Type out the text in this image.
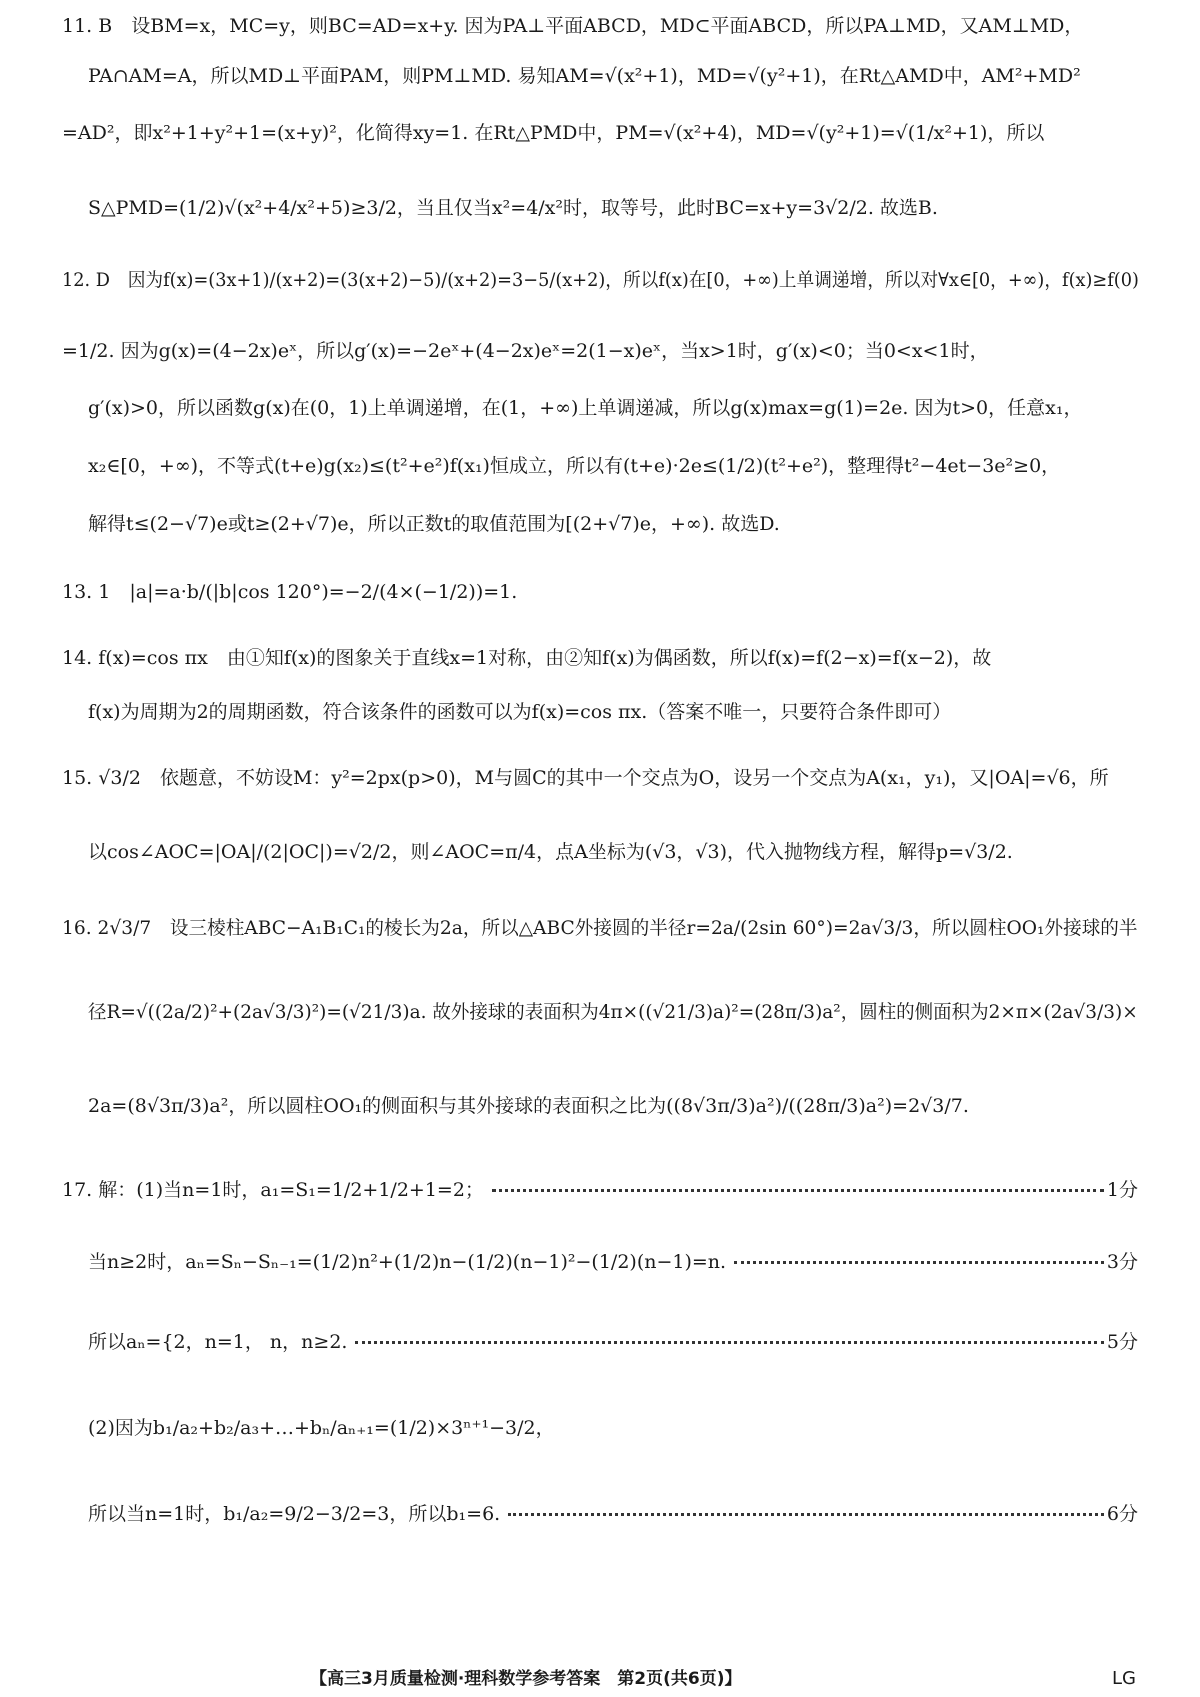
11. B　设BM=x，MC=y，则BC=AD=x+y. 因为PA⊥平面ABCD，MD⊂平面ABCD，所以PA⊥MD，又AM⊥MD，
PA∩AM=A，所以MD⊥平面PAM，则PM⊥MD. 易知AM=√(x²+1)，MD=√(y²+1)，在Rt△AMD中，AM²+MD²
=AD²，即x²+1+y²+1=(x+y)²，化简得xy=1. 在Rt△PMD中，PM=√(x²+4)，MD=√(y²+1)=√(1/x²+1)，所以
S△PMD=(1/2)√(x²+4/x²+5)≥3/2，当且仅当x²=4/x²时，取等号，此时BC=x+y=3√2/2. 故选B.
12. D　因为f(x)=(3x+1)/(x+2)=(3(x+2)−5)/(x+2)=3−5/(x+2)，所以f(x)在[0，+∞)上单调递增，所以对∀x∈[0，+∞)，f(x)≥f(0)
=1/2. 因为g(x)=(4−2x)eˣ，所以g′(x)=−2eˣ+(4−2x)eˣ=2(1−x)eˣ，当x>1时，g′(x)<0；当0<x<1时，
g′(x)>0，所以函数g(x)在(0，1)上单调递增，在(1，+∞)上单调递减，所以g(x)max=g(1)=2e. 因为t>0，任意x₁，
x₂∈[0，+∞)，不等式(t+e)g(x₂)≤(t²+e²)f(x₁)恒成立，所以有(t+e)·2e≤(1/2)(t²+e²)，整理得t²−4et−3e²≥0，
解得t≤(2−√7)e或t≥(2+√7)e，所以正数t的取值范围为[(2+√7)e，+∞). 故选D.
13. 1　|a|=a·b/(|b|cos 120°)=−2/(4×(−1/2))=1.
14. f(x)=cos πx　由①知f(x)的图象关于直线x=1对称，由②知f(x)为偶函数，所以f(x)=f(2−x)=f(x−2)，故
f(x)为周期为2的周期函数，符合该条件的函数可以为f(x)=cos πx.（答案不唯一，只要符合条件即可）
15. √3/2　依题意，不妨设M：y²=2px(p>0)，M与圆C的其中一个交点为O，设另一个交点为A(x₁，y₁)，又|OA|=√6，所
以cos∠AOC=|OA|/(2|OC|)=√2/2，则∠AOC=π/4，点A坐标为(√3，√3)，代入抛物线方程，解得p=√3/2.
16. 2√3/7　设三棱柱ABC−A₁B₁C₁的棱长为2a，所以△ABC外接圆的半径r=2a/(2sin 60°)=2a√3/3，所以圆柱OO₁外接球的半
径R=√((2a/2)²+(2a√3/3)²)=(√21/3)a. 故外接球的表面积为4π×((√21/3)a)²=(28π/3)a²，圆柱的侧面积为2×π×(2a√3/3)×
2a=(8√3π/3)a²，所以圆柱OO₁的侧面积与其外接球的表面积之比为((8√3π/3)a²)/((28π/3)a²)=2√3/7.
17. 解：(1)当n=1时，a₁=S₁=1/2+1/2+1=2；	1分
当n≥2时，aₙ=Sₙ−Sₙ₋₁=(1/2)n²+(1/2)n−(1/2)(n−1)²−(1/2)(n−1)=n.	3分
所以aₙ={2，n=1， n，n≥2.	5分
(2)因为b₁/a₂+b₂/a₃+…+bₙ/aₙ₊₁=(1/2)×3ⁿ⁺¹−3/2，
所以当n=1时，b₁/a₂=9/2−3/2=3，所以b₁=6.	6分
【高三3月质量检测·理科数学参考答案　第2页(共6页)】	LG
